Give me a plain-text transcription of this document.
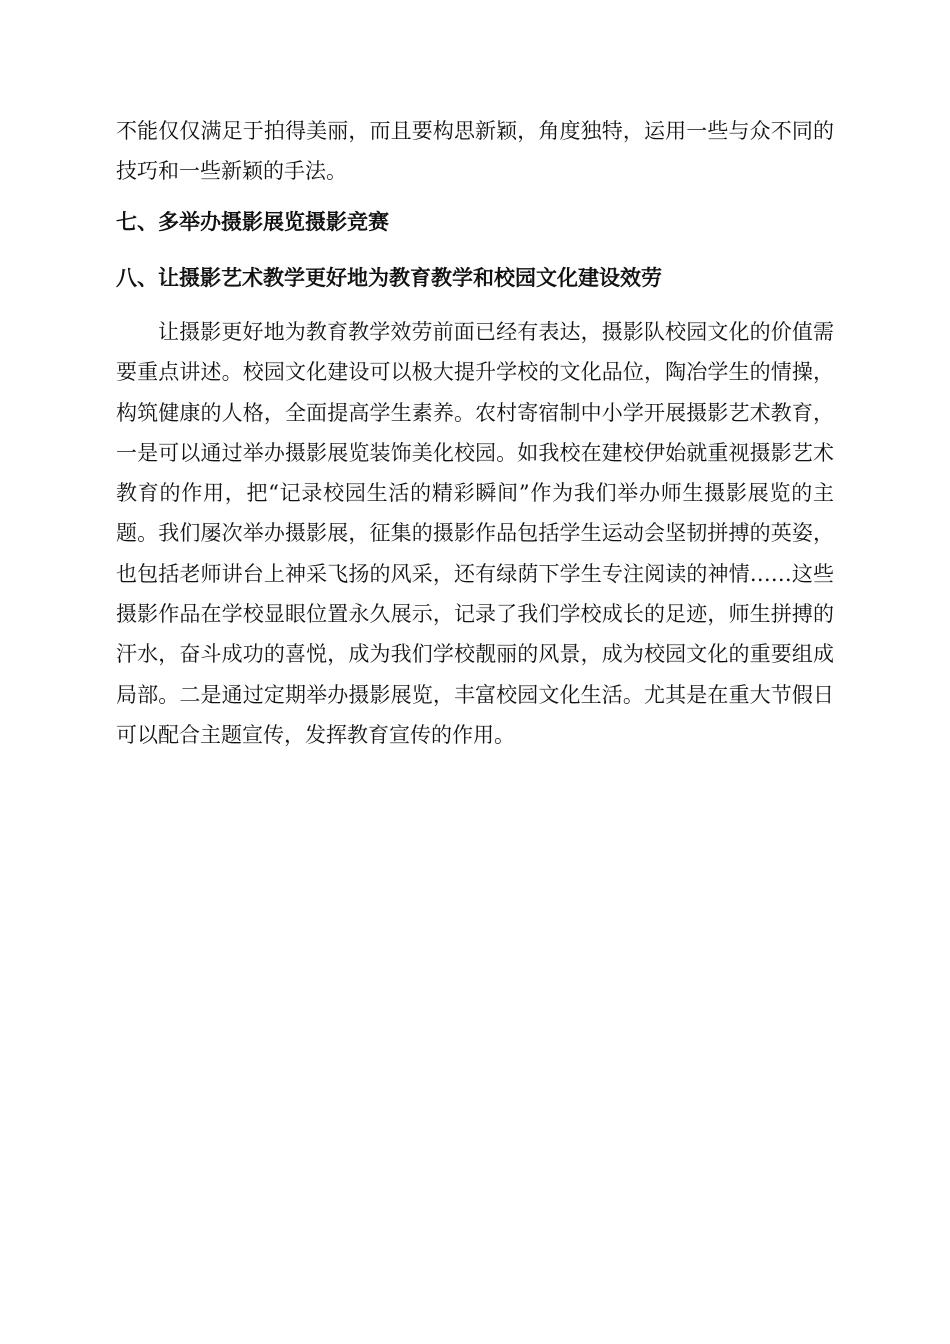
不能仅仅满足于拍得美丽，而且要构思新颖，角度独特，运用一些与众不同的技巧和一些新颖的手法。

七、多举办摄影展览摄影竞赛

八、让摄影艺术教学更好地为教育教学和校园文化建设效劳

让摄影更好地为教育教学效劳前面已经有表达，摄影队校园文化的价值需要重点讲述。校园文化建设可以极大提升学校的文化品位，陶冶学生的情操，构筑健康的人格，全面提高学生素养。农村寄宿制中小学开展摄影艺术教育，一是可以通过举办摄影展览装饰美化校园。如我校在建校伊始就重视摄影艺术教育的作用，把“记录校园生活的精彩瞬间”作为我们举办师生摄影展览的主题。我们屡次举办摄影展，征集的摄影作品包括学生运动会坚韧拼搏的英姿，也包括老师讲台上神采飞扬的风采，还有绿荫下学生专注阅读的神情……这些摄影作品在学校显眼位置永久展示，记录了我们学校成长的足迹，师生拼搏的汗水，奋斗成功的喜悦，成为我们学校靓丽的风景，成为校园文化的重要组成局部。二是通过定期举办摄影展览，丰富校园文化生活。尤其是在重大节假日可以配合主题宣传，发挥教育宣传的作用。
